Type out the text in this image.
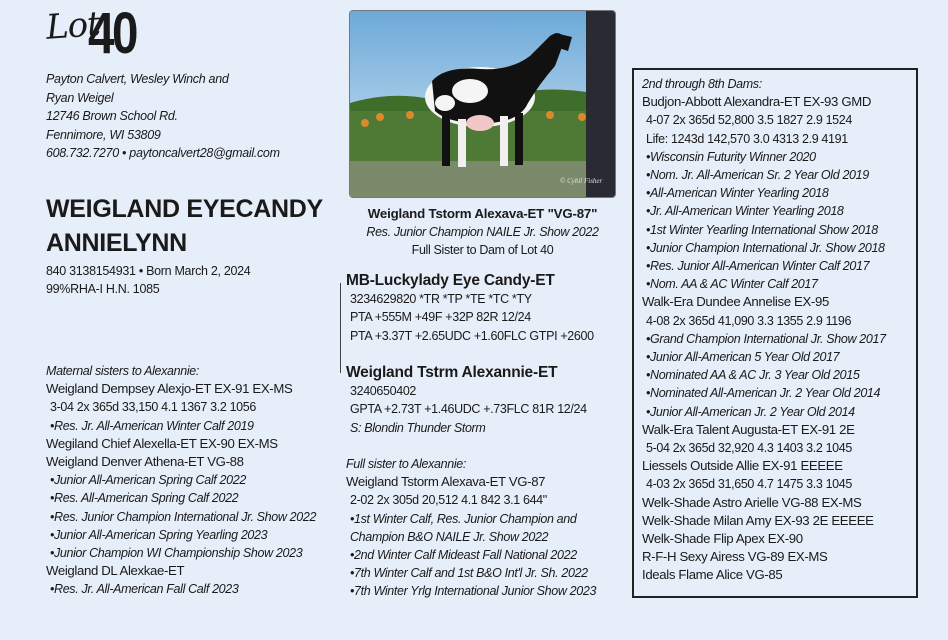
Lot
40
Payton Calvert, Wesley Winch and
Ryan Weigel
12746 Brown School Rd.
Fennimore, WI 53809
608.732.7270 • paytoncalvert28@gmail.com
WEIGLAND EYECANDY
ANNIELYNN
840 3138154931 • Born March 2, 2024
99%RHA-I H.N. 1085
Maternal sisters to Alexannie:
Weigland Dempsey Alexjo-ET EX-91 EX-MS
3-04 2x 365d 33,150 4.1 1367 3.2 1056
•Res. Jr. All-American Winter Calf 2019
Wegiland Chief Alexella-ET EX-90 EX-MS
Weigland Denver Athena-ET VG-88
•Junior All-American Spring Calf 2022
•Res. All-American Spring Calf 2022
•Res. Junior Champion International Jr. Show 2022
•Junior All-American Spring Yearling 2023
•Junior Champion WI Championship Show 2023
Weigland DL Alexkae-ET
•Res. Jr. All-American Fall Calf 2023
© Cybil Fisher
Weigland Tstorm Alexava-ET "VG-87"
Res. Junior Champion NAILE Jr. Show 2022
Full Sister to Dam of Lot 40
MB-Luckylady Eye Candy-ET
3234629820 *TR *TP *TE *TC *TY
PTA +555M +49F +32P 82R 12/24
PTA +3.37T +2.65UDC +1.60FLC GTPI +2600
Weigland Tstrm Alexannie-ET
3240650402
GPTA +2.73T +1.46UDC +.73FLC 81R 12/24
S: Blondin Thunder Storm
Full sister to Alexannie:
Weigland Tstorm Alexava-ET VG-87
2-02 2x 305d 20,512 4.1 842 3.1 644"
•1st Winter Calf, Res. Junior Champion and
Champion B&O NAILE Jr. Show 2022
•2nd Winter Calf Mideast Fall National 2022
•7th Winter Calf and 1st B&O Int'l Jr. Sh. 2022
•7th Winter Yrlg International Junior Show 2023
2nd through 8th Dams:
Budjon-Abbott Alexandra-ET EX-93 GMD
4-07 2x 365d 52,800 3.5 1827 2.9 1524
Life: 1243d 142,570 3.0 4313 2.9 4191
•Wisconsin Futurity Winner 2020
•Nom. Jr. All-American Sr. 2 Year Old 2019
•All-American Winter Yearling 2018
•Jr. All-American Winter Yearling 2018
•1st Winter Yearling International Show 2018
•Junior Champion International Jr. Show 2018
•Res. Junior All-American Winter Calf 2017
•Nom. AA & AC Winter Calf 2017
Walk-Era Dundee Annelise EX-95
4-08 2x 365d 41,090 3.3 1355 2.9 1196
•Grand Champion International Jr. Show 2017
•Junior All-American 5 Year Old 2017
•Nominated AA & AC Jr. 3 Year Old 2015
•Nominated All-American Jr. 2 Year Old 2014
•Junior All-American Jr. 2 Year Old 2014
Walk-Era Talent Augusta-ET EX-91 2E
5-04 2x 365d 32,920 4.3 1403 3.2 1045
Liessels Outside Allie EX-91 EEEEE
4-03 2x 365d 31,650 4.7 1475 3.3 1045
Welk-Shade Astro Arielle VG-88 EX-MS
Welk-Shade Milan Amy EX-93 2E EEEEE
Welk-Shade Flip Apex EX-90
R-F-H Sexy Airess VG-89 EX-MS
Ideals Flame Alice VG-85
